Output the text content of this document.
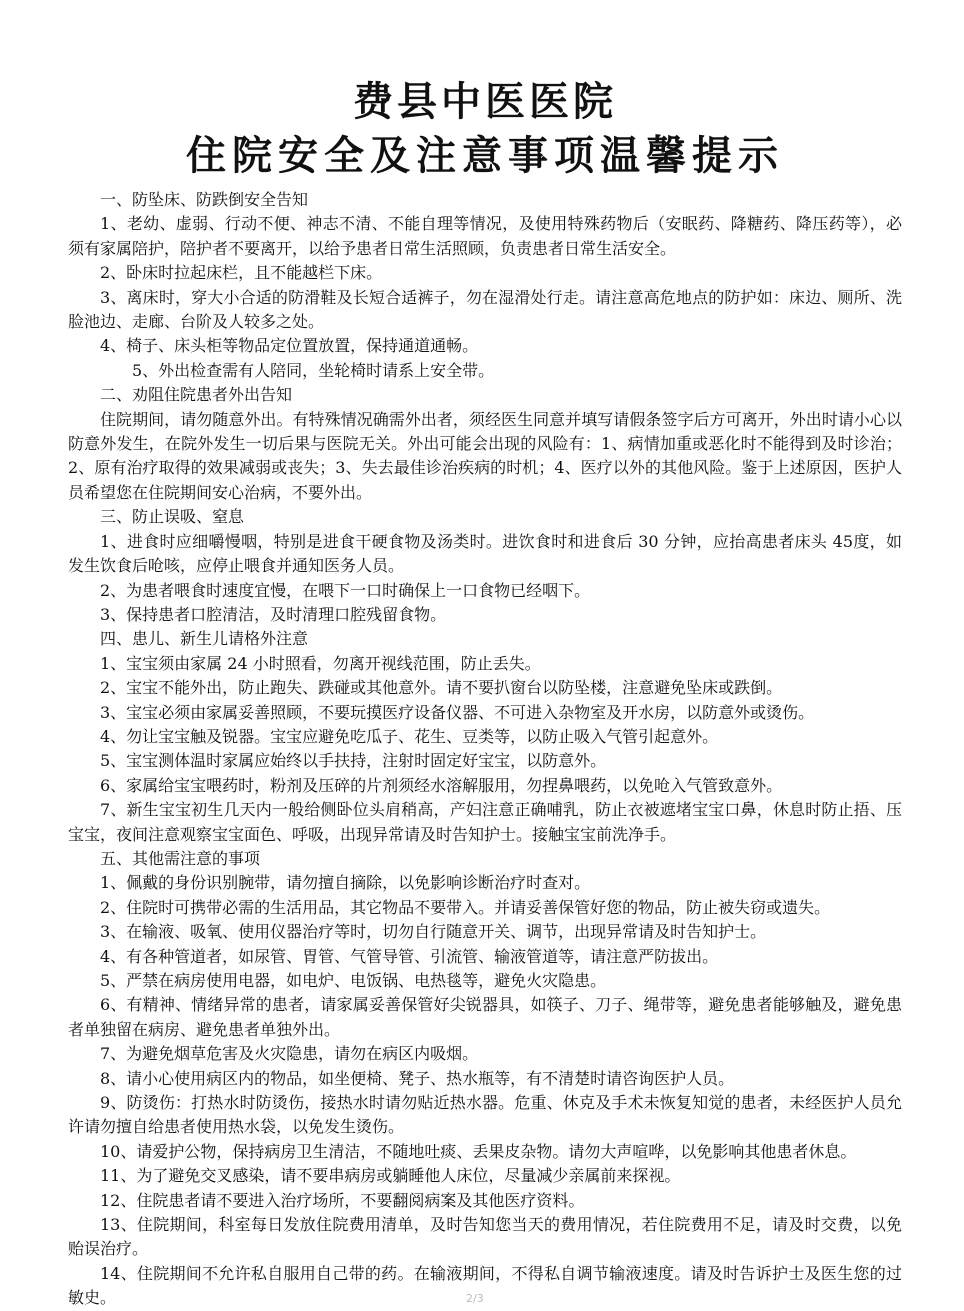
费县中医医院
住院安全及注意事项温馨提示

一、防坠床、防跌倒安全告知

1、老幼、虚弱、行动不便、神志不清、不能自理等情况，及使用特殊药物后（安眠药、降糖药、降压药等），必须有家属陪护，陪护者不要离开，以给予患者日常生活照顾，负责患者日常生活安全。

2、卧床时拉起床栏，且不能越栏下床。

3、离床时，穿大小合适的防滑鞋及长短合适裤子，勿在湿滑处行走。请注意高危地点的防护如：床边、厕所、洗脸池边、走廊、台阶及人较多之处。

4、椅子、床头柜等物品定位置放置，保持通道通畅。

5、外出检查需有人陪同，坐轮椅时请系上安全带。

二、劝阻住院患者外出告知

住院期间，请勿随意外出。有特殊情况确需外出者，须经医生同意并填写请假条签字后方可离开，外出时请小心以防意外发生，在院外发生一切后果与医院无关。外出可能会出现的风险有：1、病情加重或恶化时不能得到及时诊治；2、原有治疗取得的效果减弱或丧失；3、失去最佳诊治疾病的时机；4、医疗以外的其他风险。鉴于上述原因，医护人员希望您在住院期间安心治病，不要外出。

三、防止误吸、窒息

1、进食时应细嚼慢咽，特别是进食干硬食物及汤类时。进饮食时和进食后 30 分钟，应抬高患者床头 45度，如发生饮食后呛咳，应停止喂食并通知医务人员。

2、为患者喂食时速度宜慢，在喂下一口时确保上一口食物已经咽下。

3、保持患者口腔清洁，及时清理口腔残留食物。

四、患儿、新生儿请格外注意

1、宝宝须由家属 24 小时照看，勿离开视线范围，防止丢失。

2、宝宝不能外出，防止跑失、跌碰或其他意外。请不要扒窗台以防坠楼，注意避免坠床或跌倒。

3、宝宝必须由家属妥善照顾，不要玩摸医疗设备仪器、不可进入杂物室及开水房，以防意外或烫伤。

4、勿让宝宝触及锐器。宝宝应避免吃瓜子、花生、豆类等，以防止吸入气管引起意外。

5、宝宝测体温时家属应始终以手扶持，注射时固定好宝宝，以防意外。

6、家属给宝宝喂药时，粉剂及压碎的片剂须经水溶解服用，勿捏鼻喂药，以免呛入气管致意外。

7、新生宝宝初生几天内一般给侧卧位头肩稍高，产妇注意正确哺乳，防止衣被遮堵宝宝口鼻，休息时防止捂、压宝宝，夜间注意观察宝宝面色、呼吸，出现异常请及时告知护士。接触宝宝前洗净手。

五、其他需注意的事项

1、佩戴的身份识别腕带，请勿擅自摘除，以免影响诊断治疗时查对。

2、住院时可携带必需的生活用品，其它物品不要带入。并请妥善保管好您的物品，防止被失窃或遗失。

3、在输液、吸氧、使用仪器治疗等时，切勿自行随意开关、调节，出现异常请及时告知护士。

4、有各种管道者，如尿管、胃管、气管导管、引流管、输液管道等，请注意严防拔出。

5、严禁在病房使用电器，如电炉、电饭锅、电热毯等，避免火灾隐患。

6、有精神、情绪异常的患者，请家属妥善保管好尖锐器具，如筷子、刀子、绳带等，避免患者能够触及，避免患者单独留在病房、避免患者单独外出。

7、为避免烟草危害及火灾隐患，请勿在病区内吸烟。

8、请小心使用病区内的物品，如坐便椅、凳子、热水瓶等，有不清楚时请咨询医护人员。

9、防烫伤：打热水时防烫伤，接热水时请勿贴近热水器。危重、休克及手术未恢复知觉的患者，未经医护人员允许请勿擅自给患者使用热水袋，以免发生烫伤。

10、请爱护公物，保持病房卫生清洁，不随地吐痰、丢果皮杂物。请勿大声喧哗，以免影响其他患者休息。

11、为了避免交叉感染，请不要串病房或躺睡他人床位，尽量减少亲属前来探视。

12、住院患者请不要进入治疗场所，不要翻阅病案及其他医疗资料。

13、住院期间，科室每日发放住院费用清单，及时告知您当天的费用情况，若住院费用不足，请及时交费，以免贻误治疗。

14、住院期间不允许私自服用自己带的药。在输液期间，不得私自调节输液速度。请及时告诉护士及医生您的过敏史。	2/3
